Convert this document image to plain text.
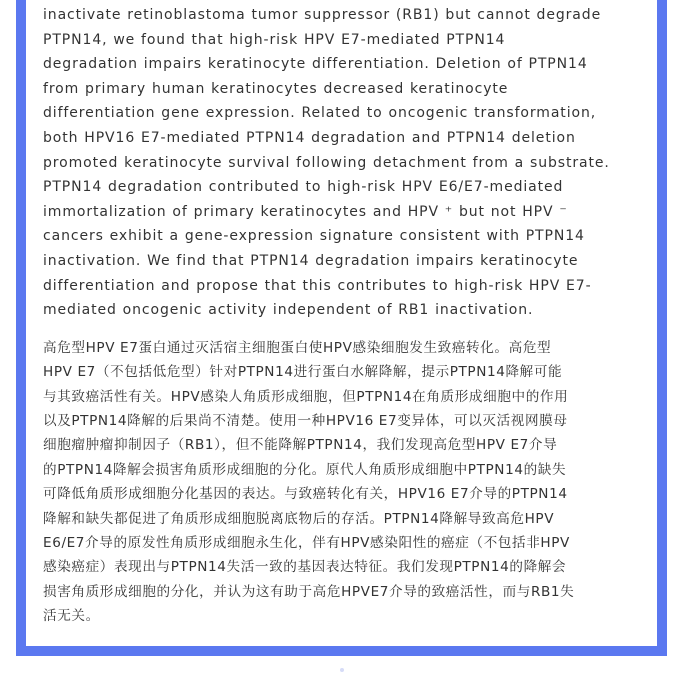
inactivate retinoblastoma tumor suppressor (RB1) but cannot degrade
PTPN14, we found that high-risk HPV E7-mediated PTPN14
degradation impairs keratinocyte differentiation. Deletion of PTPN14
from primary human keratinocytes decreased keratinocyte
differentiation gene expression. Related to oncogenic transformation,
both HPV16 E7-mediated PTPN14 degradation and PTPN14 deletion
promoted keratinocyte survival following detachment from a substrate.
PTPN14 degradation contributed to high-risk HPV E6/E7-mediated
immortalization of primary keratinocytes and HPV ⁺ but not HPV ⁻
cancers exhibit a gene-expression signature consistent with PTPN14
inactivation. We find that PTPN14 degradation impairs keratinocyte
differentiation and propose that this contributes to high-risk HPV E7-
mediated oncogenic activity independent of RB1 inactivation.

高危型HPV E7蛋白通过灭活宿主细胞蛋白使HPV感染细胞发生致癌转化。高危型
HPV E7（不包括低危型）针对PTPN14进行蛋白水解降解，提示PTPN14降解可能
与其致癌活性有关。HPV感染人角质形成细胞，但PTPN14在角质形成细胞中的作用
以及PTPN14降解的后果尚不清楚。使用一种HPV16 E7变异体，可以灭活视网膜母
细胞瘤肿瘤抑制因子（RB1），但不能降解PTPN14，我们发现高危型HPV E7介导
的PTPN14降解会损害角质形成细胞的分化。原代人角质形成细胞中PTPN14的缺失
可降低角质形成细胞分化基因的表达。与致癌转化有关，HPV16 E7介导的PTPN14
降解和缺失都促进了角质形成细胞脱离底物后的存活。PTPN14降解导致高危HPV
E6/E7介导的原发性角质形成细胞永生化，伴有HPV感染阳性的癌症（不包括非HPV
感染癌症）表现出与PTPN14失活一致的基因表达特征。我们发现PTPN14的降解会
损害角质形成细胞的分化，并认为这有助于高危HPVE7介导的致癌活性，而与RB1失
活无关。
